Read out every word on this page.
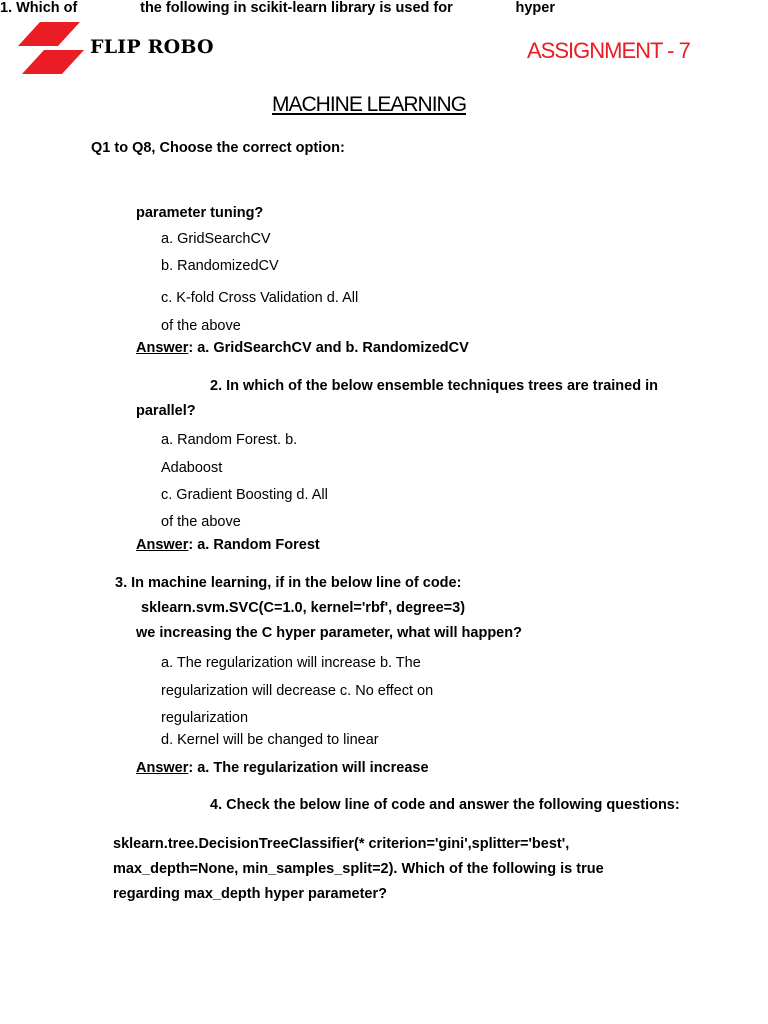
FLIP ROBO	ASSIGNMENT - 7
MACHINE LEARNING
Q1 to Q8, Choose the correct option:
1. Which of	the following in scikit-learn library is used for	hyper
parameter tuning?
a. GridSearchCV
b. RandomizedCV
c. K-fold Cross Validation d. All
of the above
Answer: a. GridSearchCV and b. RandomizedCV
2. In which of the below ensemble techniques trees are trained in
parallel?
a. Random Forest. b.
Adaboost
c. Gradient Boosting d. All
of the above
Answer: a. Random Forest
3. In machine learning, if in the below line of code:
sklearn.svm.SVC(C=1.0, kernel='rbf', degree=3)
we increasing the C hyper parameter, what will happen?
a. The regularization will increase b. The
regularization will decrease c. No effect on
regularization
d. Kernel will be changed to linear
Answer: a. The regularization will increase
4. Check the below line of code and answer the following questions:
sklearn.tree.DecisionTreeClassifier(* criterion='gini',splitter='best',
max_depth=None, min_samples_split=2). Which of the following is true
regarding max_depth hyper parameter?
